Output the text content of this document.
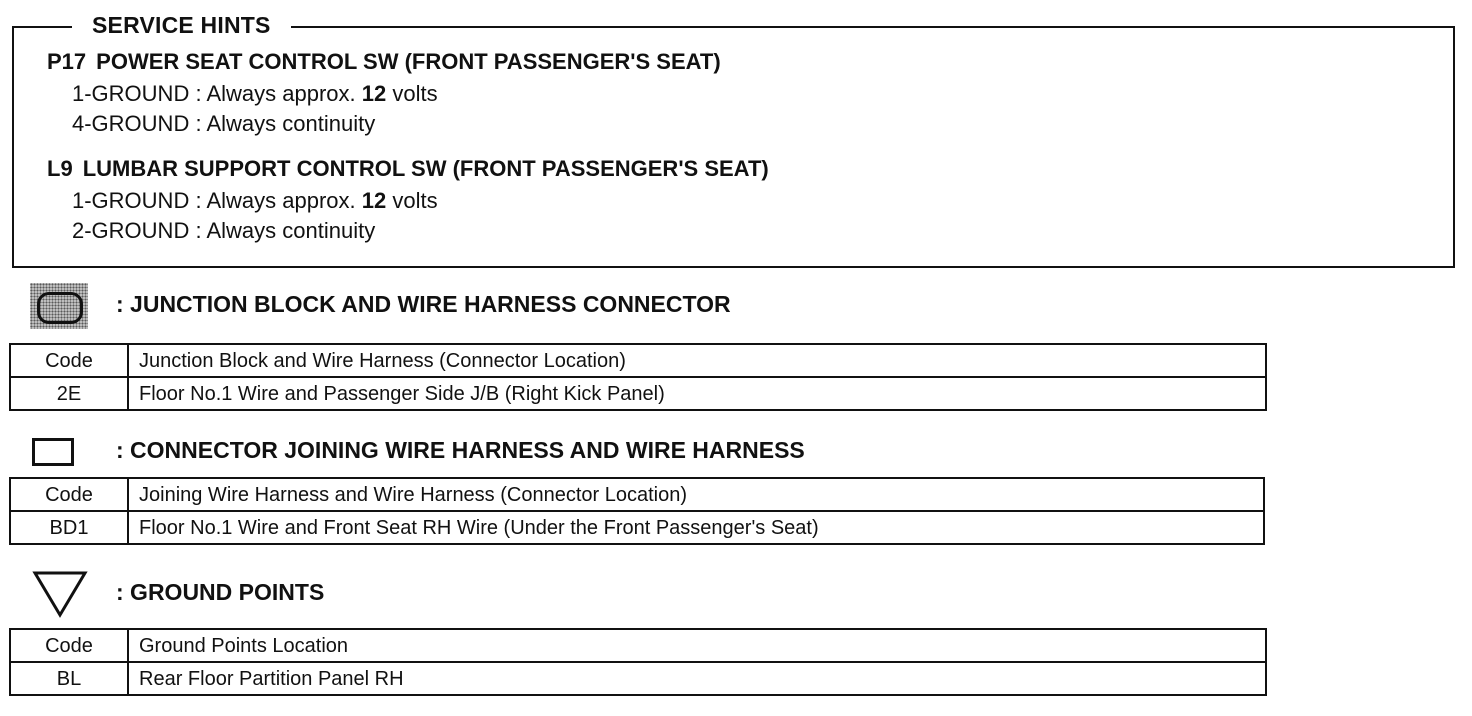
SERVICE HINTS
P17 POWER SEAT CONTROL SW (FRONT PASSENGER'S SEAT)
1-GROUND : Always approx. 12 volts
4-GROUND : Always continuity
L9 LUMBAR SUPPORT CONTROL SW (FRONT PASSENGER'S SEAT)
1-GROUND : Always approx. 12 volts
2-GROUND : Always continuity
: JUNCTION BLOCK AND WIRE HARNESS CONNECTOR
Code	Junction Block and Wire Harness (Connector Location)
2E	Floor No.1 Wire and Passenger Side J/B (Right Kick Panel)
: CONNECTOR JOINING WIRE HARNESS AND WIRE HARNESS
Code	Joining Wire Harness and Wire Harness (Connector Location)
BD1	Floor No.1 Wire and Front Seat RH Wire (Under the Front Passenger's Seat)
: GROUND POINTS
Code	Ground Points Location
BL	Rear Floor Partition Panel RH
